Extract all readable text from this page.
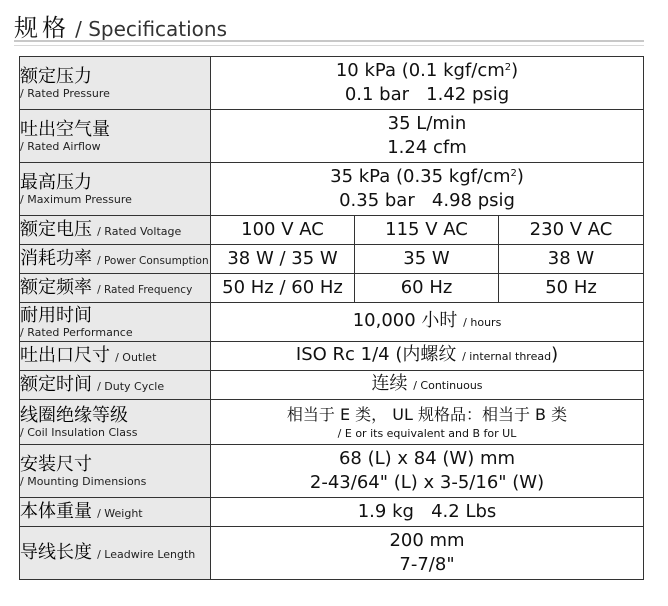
规格 / Specifications
额定压力
/ Rated Pressure	10 kPa (0.1 kgf/$cm^2$)
0.1 bar   1.42 psig		

吐出空气量
/ Rated Airflow	35 L/min
1.24 cfm		

最高压力
/ Maximum Pressure	35 kPa (0.35 kgf/$cm^2$)
0.35 bar   4.98 psig		

额定电压 / Rated Voltage	100 V AC	115 V AC	230 V AC
消耗功率 / Power Consumption	38 W / 35 W	35 W	38 W
额定频率 / Rated Frequency	50 Hz / 60 Hz	60 Hz	50 Hz
耐用时间
/ Rated Performance	10,000 小时 / hours		
吐出口尺寸 / Outlet	ISO Rc 1/4 (内螺纹 / internal thread)		
额定时间 / Duty Cycle	连续 / Continuous		
线圈绝缘等级
/ Coil Insulation Class	相当于 E 类， UL 规格品：相当于 B 类
/ E or its equivalent and B for UL		

安装尺寸
/ Mounting Dimensions	68 (L) x 84 (W) mm
2-43/64" (L) x 3-5/16" (W)		

本体重量 / Weight	1.9 kg   4.2 Lbs		
导线长度 / Leadwire Length	200 mm
7-7/8"		
